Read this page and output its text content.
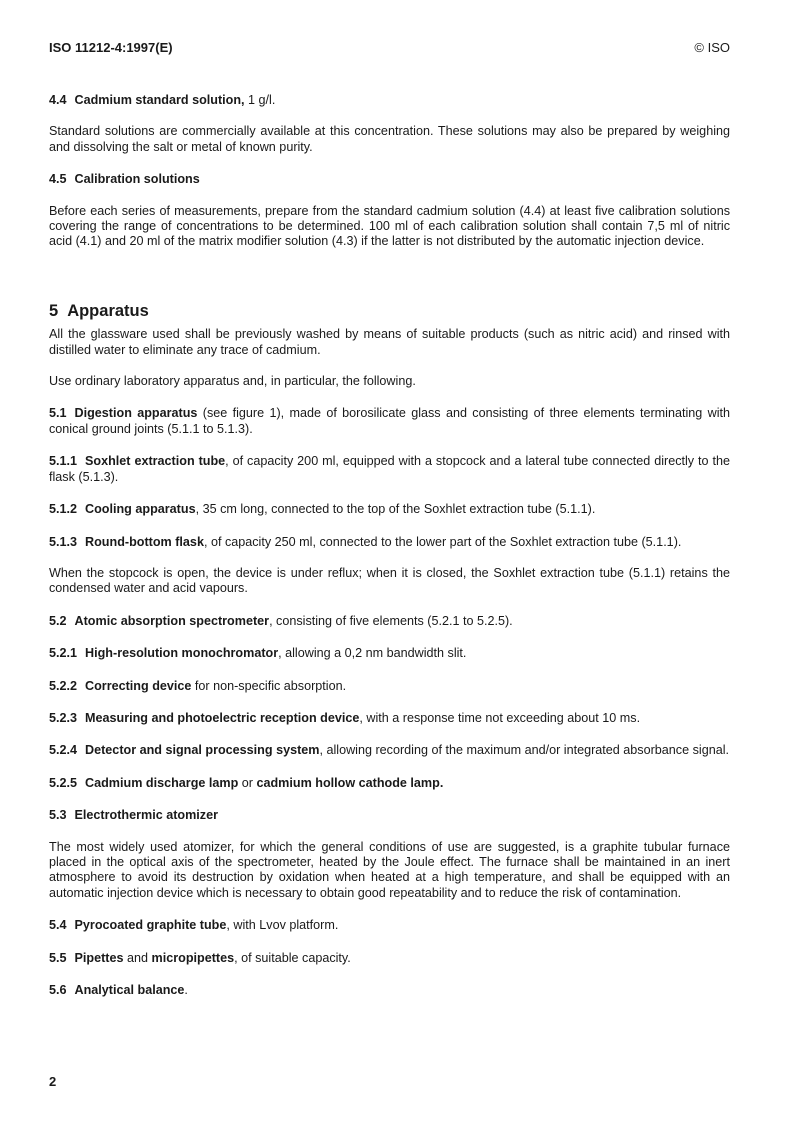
ISO 11212-4:1997(E)	© ISO

4.4 Cadmium standard solution, 1 g/l.

Standard solutions are commercially available at this concentration. These solutions may also be prepared by weighing and dissolving the salt or metal of known purity.

4.5 Calibration solutions

Before each series of measurements, prepare from the standard cadmium solution (4.4) at least five calibration solutions covering the range of concentrations to be determined. 100 ml of each calibration solution shall contain 7,5 ml of nitric acid (4.1) and 20 ml of the matrix modifier solution (4.3) if the latter is not distributed by the automatic injection device.

5 Apparatus

All the glassware used shall be previously washed by means of suitable products (such as nitric acid) and rinsed with distilled water to eliminate any trace of cadmium.

Use ordinary laboratory apparatus and, in particular, the following.

5.1 Digestion apparatus (see figure 1), made of borosilicate glass and consisting of three elements terminating with conical ground joints (5.1.1 to 5.1.3).

5.1.1 Soxhlet extraction tube, of capacity 200 ml, equipped with a stopcock and a lateral tube connected directly to the flask (5.1.3).

5.1.2 Cooling apparatus, 35 cm long, connected to the top of the Soxhlet extraction tube (5.1.1).

5.1.3 Round-bottom flask, of capacity 250 ml, connected to the lower part of the Soxhlet extraction tube (5.1.1).

When the stopcock is open, the device is under reflux; when it is closed, the Soxhlet extraction tube (5.1.1) retains the condensed water and acid vapours.

5.2 Atomic absorption spectrometer, consisting of five elements (5.2.1 to 5.2.5).

5.2.1 High-resolution monochromator, allowing a 0,2 nm bandwidth slit.

5.2.2 Correcting device for non-specific absorption.

5.2.3 Measuring and photoelectric reception device, with a response time not exceeding about 10 ms.

5.2.4 Detector and signal processing system, allowing recording of the maximum and/or integrated absorbance signal.

5.2.5 Cadmium discharge lamp or cadmium hollow cathode lamp.

5.3 Electrothermic atomizer

The most widely used atomizer, for which the general conditions of use are suggested, is a graphite tubular furnace placed in the optical axis of the spectrometer, heated by the Joule effect. The furnace shall be maintained in an inert atmosphere to avoid its destruction by oxidation when heated at a high temperature, and shall be equipped with an automatic injection device which is necessary to obtain good repeatability and to reduce the risk of contamination.

5.4 Pyrocoated graphite tube, with Lvov platform.

5.5 Pipettes and micropipettes, of suitable capacity.

5.6 Analytical balance.

2
